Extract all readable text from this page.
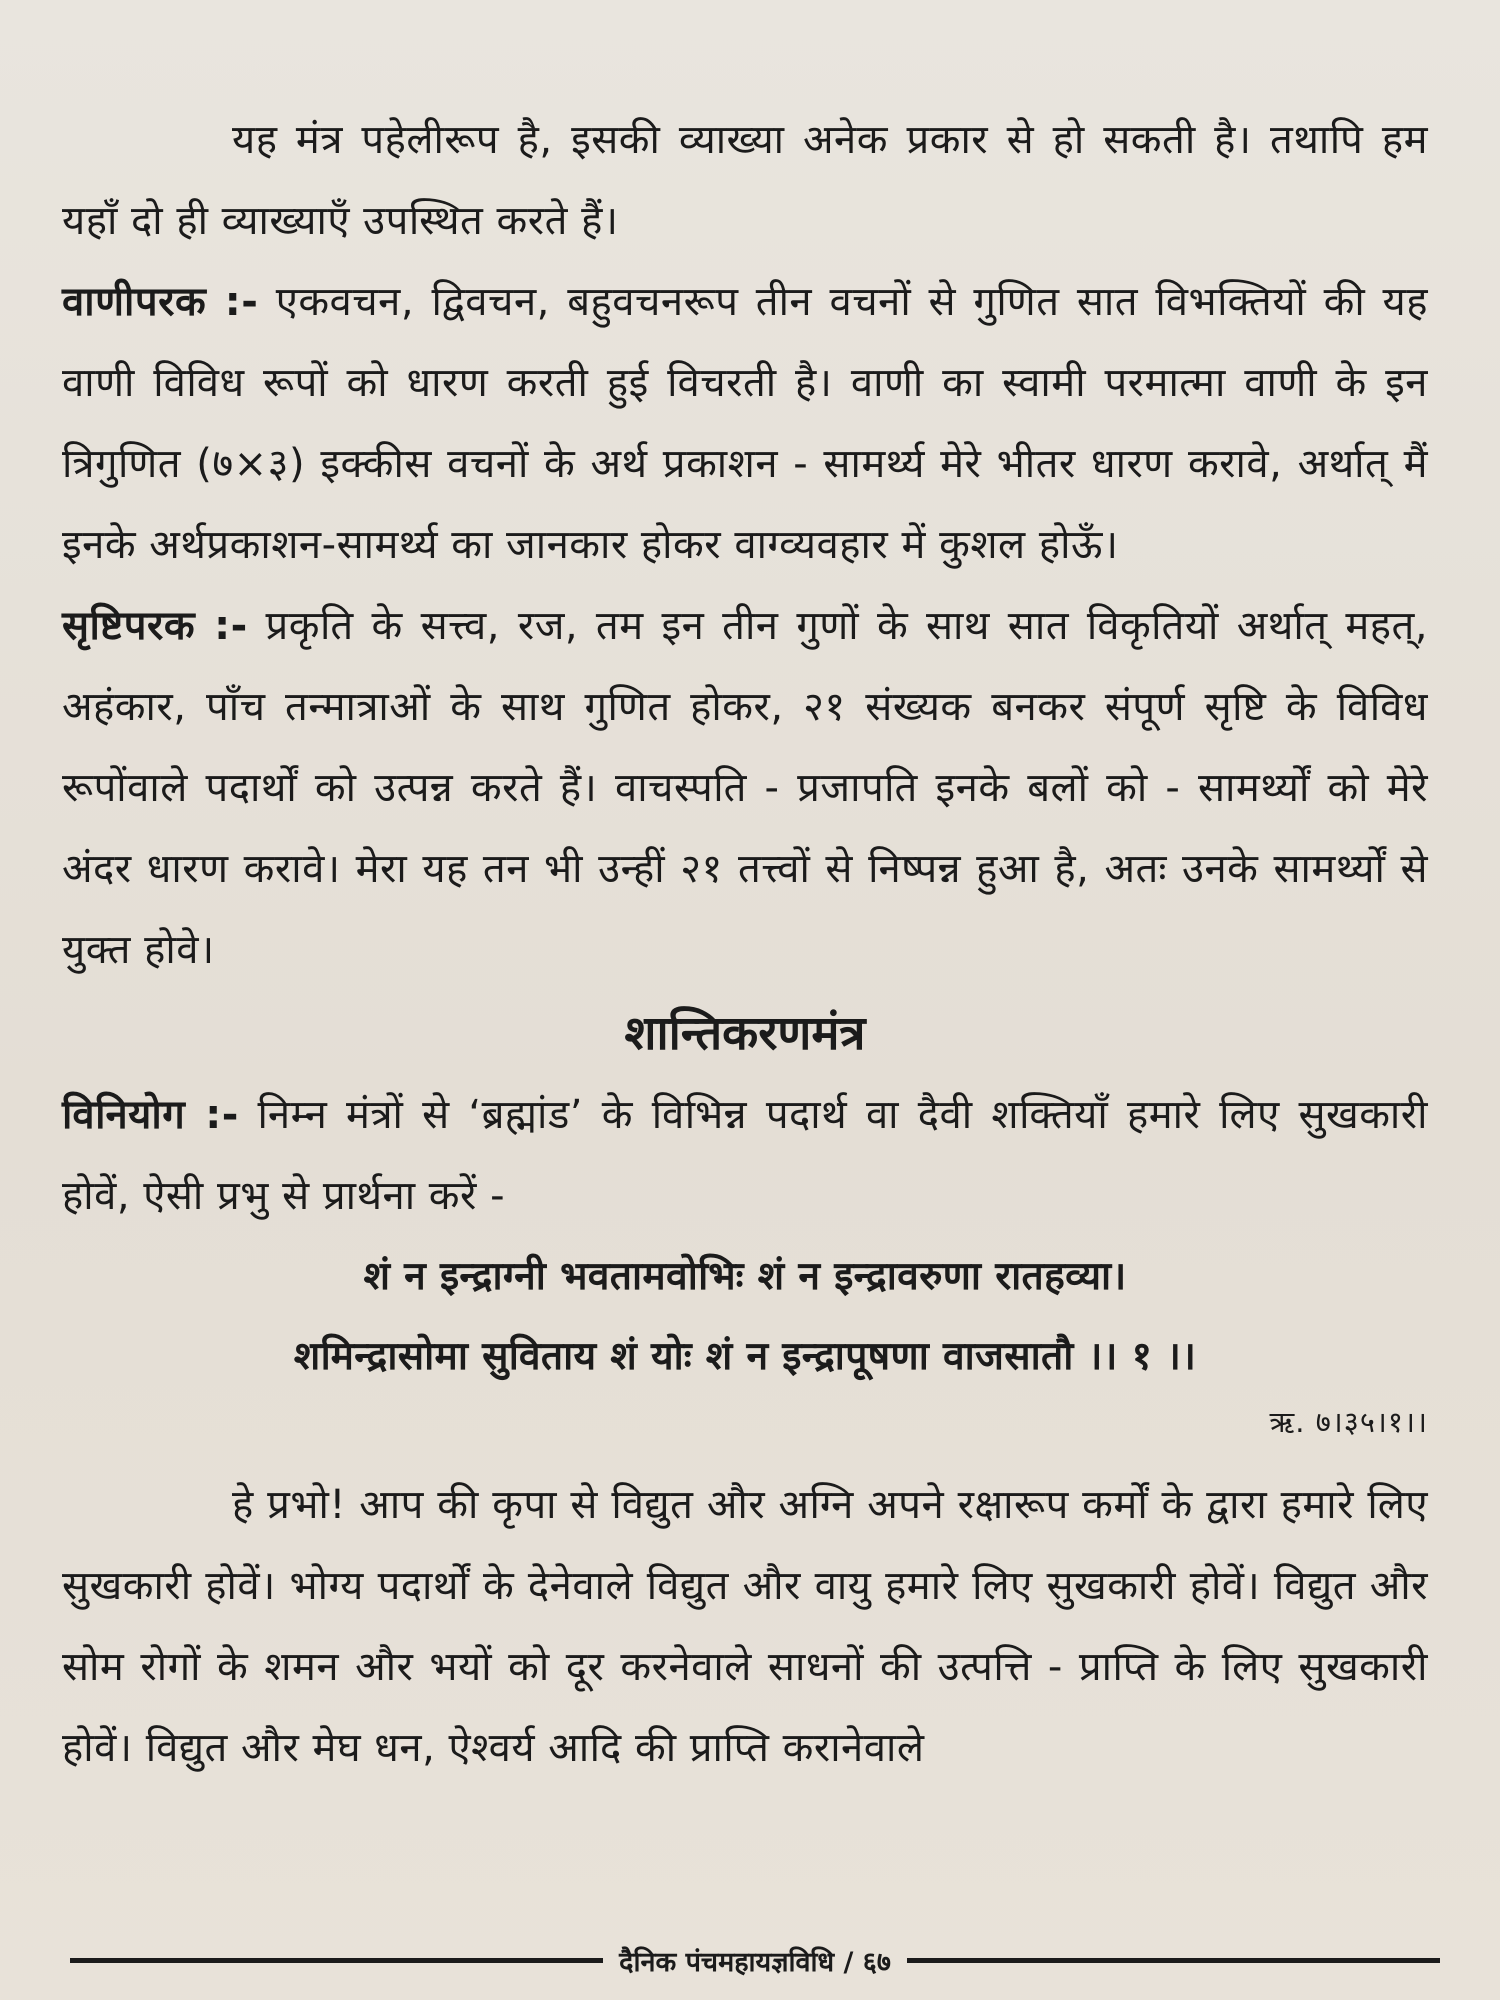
यह मंत्र पहेलीरूप है, इसकी व्याख्या अनेक प्रकार से हो सकती है। तथापि हम यहाँ दो ही व्याख्याएँ उपस्थित करते हैं।

वाणीपरक :- एकवचन, द्विवचन, बहुवचनरूप तीन वचनों से गुणित सात विभक्तियों की यह वाणी विविध रूपों को धारण करती हुई विचरती है। वाणी का स्वामी परमात्मा वाणी के इन त्रिगुणित (७×३) इक्कीस वचनों के अर्थ प्रकाशन - सामर्थ्य मेरे भीतर धारण करावे, अर्थात् मैं इनके अर्थप्रकाशन-सामर्थ्य का जानकार होकर वाग्व्यवहार में कुशल होऊँ।

सृष्टिपरक :- प्रकृति के सत्त्व, रज, तम इन तीन गुणों के साथ सात विकृतियों अर्थात् महत्, अहंकार, पाँच तन्मात्राओं के साथ गुणित होकर, २१ संख्यक बनकर संपूर्ण सृष्टि के विविध रूपोंवाले पदार्थों को उत्पन्न करते हैं। वाचस्पति - प्रजापति इनके बलों को - सामर्थ्यों को मेरे अंदर धारण करावे। मेरा यह तन भी उन्हीं २१ तत्त्वों से निष्पन्न हुआ है, अतः उनके सामर्थ्यों से युक्त होवे।

शान्तिकरणमंत्र

विनियोग :- निम्न मंत्रों से ‘ब्रह्मांड’ के विभिन्न पदार्थ वा दैवी शक्तियाँ हमारे लिए सुखकारी होवें, ऐसी प्रभु से प्रार्थना करें -

शं न इन्द्राग्नी भवतामवोभिः शं न इन्द्रावरुणा रातहव्या।
शमिन्द्रासोमा सुविताय शं योः शं न इन्द्रापूषणा वाजसातौ ।। १ ।।
ऋ. ७।३५।१।।

हे प्रभो! आप की कृपा से विद्युत और अग्नि अपने रक्षारूप कर्मों के द्वारा हमारे लिए सुखकारी होवें। भोग्य पदार्थों के देनेवाले विद्युत और वायु हमारे लिए सुखकारी होवें। विद्युत और सोम रोगों के शमन और भयों को दूर करनेवाले साधनों की उत्पत्ति - प्राप्ति के लिए सुखकारी होवें। विद्युत और मेघ धन, ऐश्वर्य आदि की प्राप्ति करानेवाले

दैनिक पंचमहायज्ञविधि / ६७
